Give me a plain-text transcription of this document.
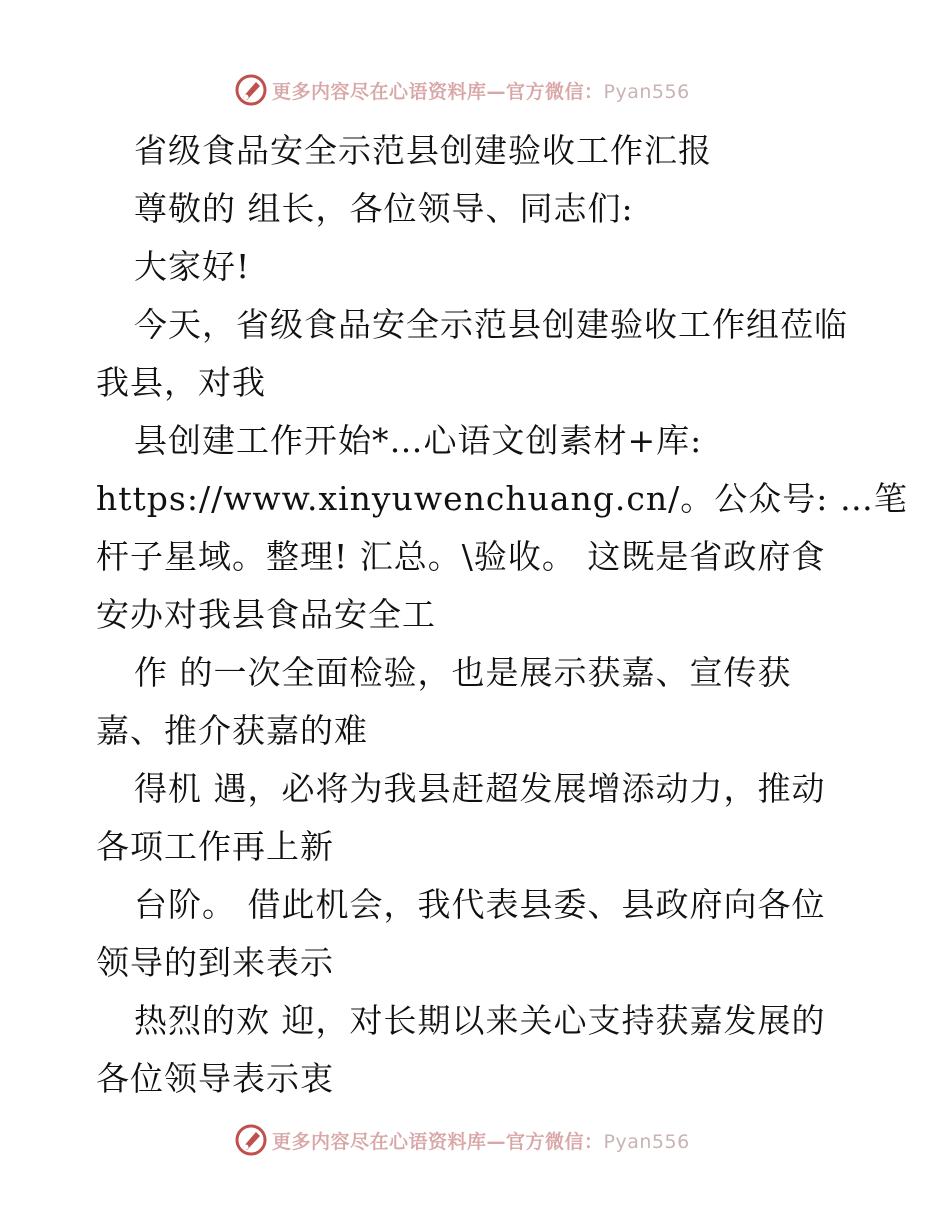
更多内容尽在心语资料库—官方微信：Pyan556
省级食品安全示范县创建验收工作汇报
尊敬的 组长，各位领导、同志们:
大家好!
今天，省级食品安全示范县创建验收工作组莅临
我县，对我
县创建工作开始*…心语文创素材+库:
https://www.xinyuwenchuang.cn/。公众号: …笔
杆子星域。整理! 汇总。\验收。 这既是省政府食
安办对我县食品安全工
作 的一次全面检验，也是展示获嘉、宣传获
嘉、推介获嘉的难
得机 遇，必将为我县赶超发展增添动力，推动
各项工作再上新
台阶。 借此机会，我代表县委、县政府向各位
领导的到来表示
热烈的欢 迎，对长期以来关心支持获嘉发展的
各位领导表示衷
更多内容尽在心语资料库—官方微信：Pyan556
